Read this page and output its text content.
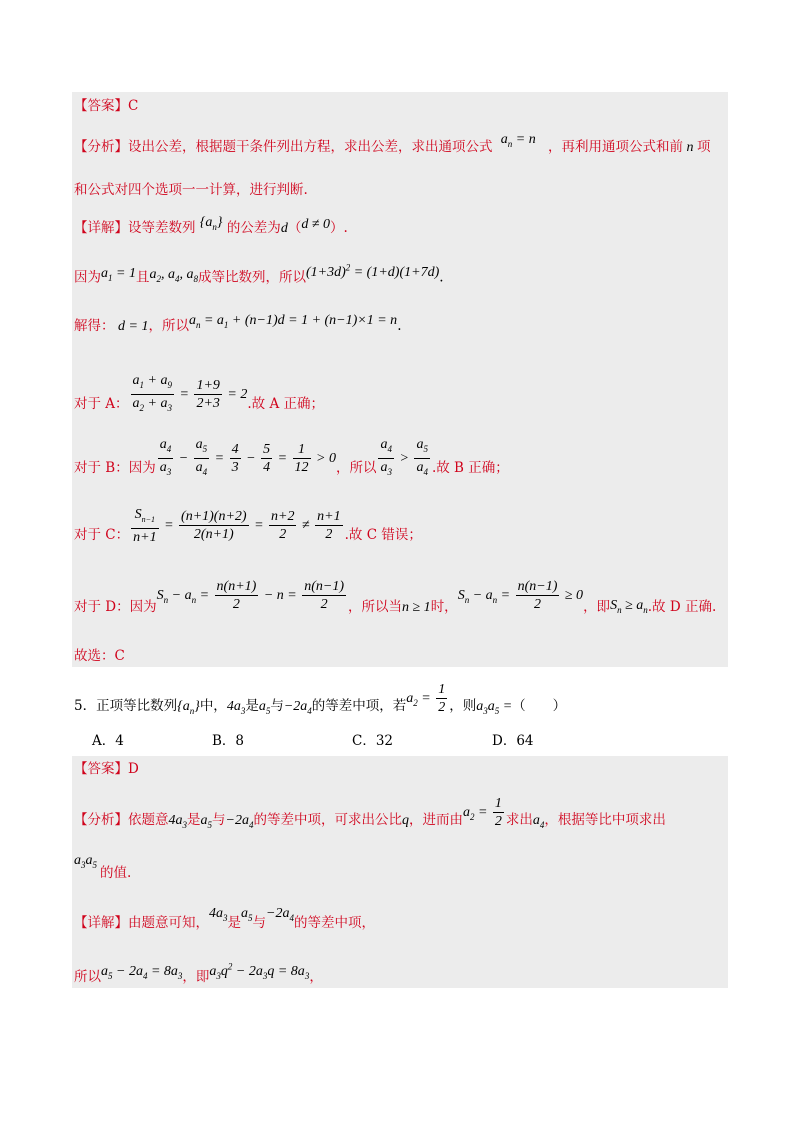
【答案】C
【分析】设出公差，根据题干条件列出方程，求出公差，求出通项公式 $a_n = n$ ，再利用通项公式和前 n 项
和公式对四个选项一一计算，进行判断.
【详解】设等差数列 $\{a_n\}$ 的公差为d（d ≠ 0）.
因为$a_1 = 1$且$a_2$, $a_4$, $a_8$成等比数列，所以$(1+3d)^2 = (1+d)(1+7d)$.
解得： d = 1，所以$a_n = a_1 + (n-1)d = 1 + (n-1)\times 1 = n$.
对于 A： $\frac{a_1 + a_9}{a_2 + a_3} = \frac{1+9}{2+3} = 2$.故 A 正确；
对于 B：因为 $\frac{a_4}{a_3} - \frac{a_5}{a_4} = \frac{4}{3} - \frac{5}{4} = \frac{1}{12} > 0$，所以 $\frac{a_4}{a_3} > \frac{a_5}{a_4}$ .故 B 正确；
对于 C： $\frac{S_{n-1}}{n+1} = \frac{(n+1)(n+2)}{2(n+1)} = \frac{n+2}{2} \ne \frac{n+1}{2}$ .故 C 错误；
对于 D：因为$S_n - a_n = \frac{n(n+1)}{2} - n = \frac{n(n-1)}{2}$ ，所以当n ≥ 1时，$S_n - a_n = \frac{n(n-1)}{2} \ge 0$，即$S_n \ge a_n$.故 D 正确.
故选：C
5．正项等比数列$\{a_n\}$中，$4a_3$是$a_5$与$-2a_4$的等差中项，若$a_2 = \frac{1}{2}$ ，则$a_3a_5$ =（　　）
A．4	B．8	C．32	D．64
【答案】D
【分析】依题意$4a_3$是$a_5$与$-2a_4$的等差中项，可求出公比q，进而由$a_2 = \frac{1}{2}$ 求出$a_4$，根据等比中项求出
$a_3a_5$
的值.
【详解】由题意可知，$4a_3$是$a_5$与$-2a_4$的等差中项，
所以$a_5 - 2a_4 = 8a_3$，即$a_3q^2 - 2a_3q = 8a_3$，
